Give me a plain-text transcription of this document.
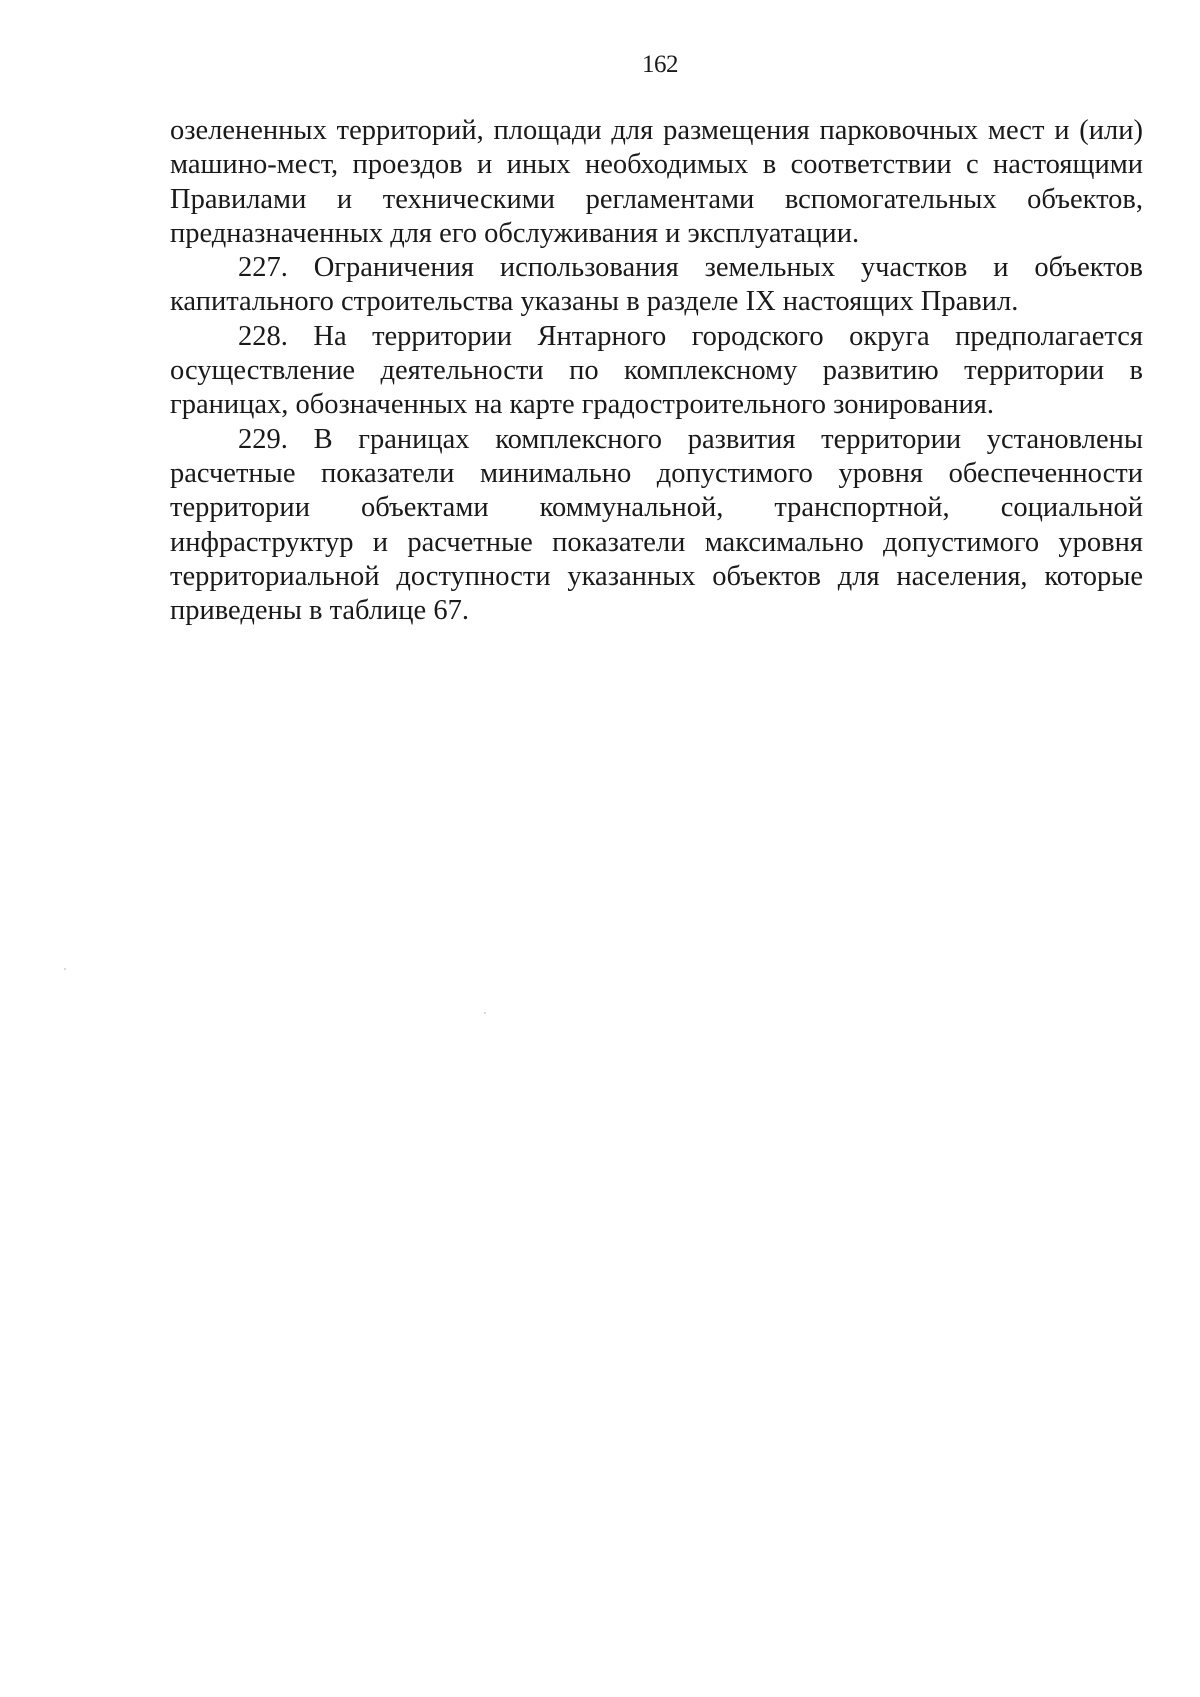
162

озелененных территорий, площади для размещения парковочных мест и (или) машино-мест, проездов и иных необходимых в соответствии с настоящими Правилами и техническими регламентами вспомогательных объектов, предназначенных для его обслуживания и эксплуатации.

227. Ограничения использования земельных участков и объектов капитального строительства указаны в разделе IX настоящих Правил.

228. На территории Янтарного городского округа предполагается осуществление деятельности по комплексному развитию территории в границах, обозначенных на карте градостроительного зонирования.

229. В границах комплексного развития территории установлены расчетные показатели минимально допустимого уровня обеспеченности территории объектами коммунальной, транспортной, социальной инфраструктур и расчетные показатели максимально допустимого уровня территориальной доступности указанных объектов для населения, которые приведены в таблице 67.
